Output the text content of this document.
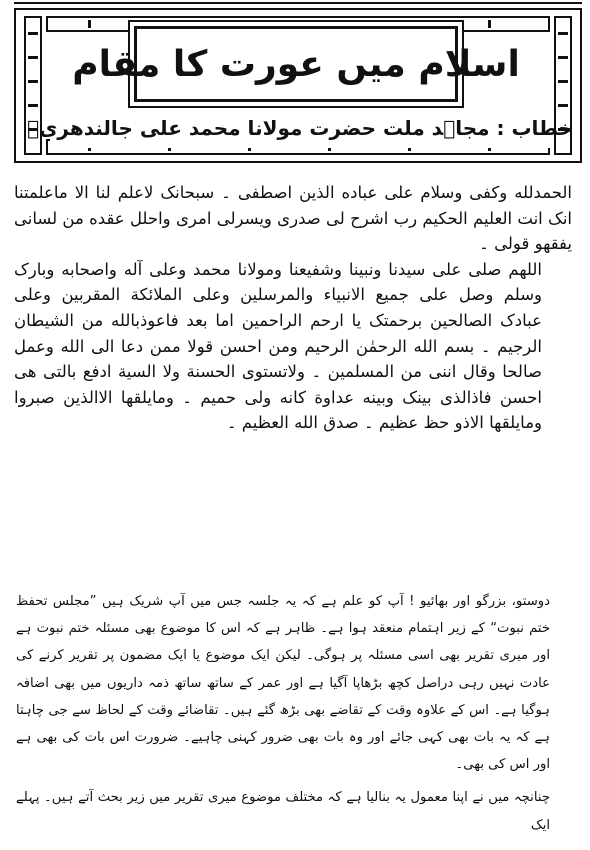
اسلام میں عورت کا مقام
خطاب : مجاہد ملت حضرت مولانا محمد علی جالندھریؒ

الحمدلله وکفی وسلام علی عباده الذین اصطفی ۔ سبحانک لاعلم لنا الا ماعلمتنا انک انت العلیم الحکیم رب اشرح لی صدری ویسرلی امری واحلل عقده من لسانی یفقهو قولی ۔

اللهم صلی علی سیدنا ونبینا وشفیعنا ومولانا محمد وعلی آله واصحابه وبارک وسلم وصل علی جمیع الانبیاء والمرسلین وعلی الملائکة المقربین وعلی عبادک الصالحین برحمتک یا ارحم الراحمین اما بعد فاعوذبالله من الشیطان الرجیم ۔ بسم الله الرحمٰن الرحیم ومن احسن قولا ممن دعا الی الله وعمل صالحا وقال اننی من المسلمین ۔ ولاتستوی الحسنة ولا السیة ادفع بالتی هی احسن فاذالذی بینک وبینه عداوة کانه ولی حمیم ۔ ومایلقها الاالذین صبروا ومایلقها الاذو حظ عظیم ۔ صدق الله العظیم ۔

دوستو، بزرگو اور بھائیو ! آپ کو علم ہے کہ یہ جلسہ جس میں آپ شریک ہیں ”مجلس تحفظ ختم نبوت“ کے زیر اہتمام منعقد ہوا ہے۔ ظاہر ہے کہ اس کا موضوع بھی مسئلہ ختم نبوت ہے اور میری تقریر بھی اسی مسئلہ پر ہوگی۔ لیکن ایک موضوع یا ایک مضمون پر تقریر کرنے کی عادت نہیں رہی دراصل کچھ بڑھاپا آگیا ہے اور عمر کے ساتھ ساتھ ذمہ داریوں میں بھی اضافہ ہوگیا ہے۔ اس کے علاوہ وقت کے تقاضے بھی بڑھ گئے ہیں۔ تقاضائے وقت کے لحاظ سے جی چاہتا ہے کہ یہ بات بھی کہی جائے اور وہ بات بھی ضرور کہنی چاہیے۔ ضرورت اس بات کی بھی ہے اور اس کی بھی۔

چنانچہ میں نے اپنا معمول یہ بنالیا ہے کہ مختلف موضوع میری تقریر میں زیر بحث آتے ہیں۔ پہلے ایک
